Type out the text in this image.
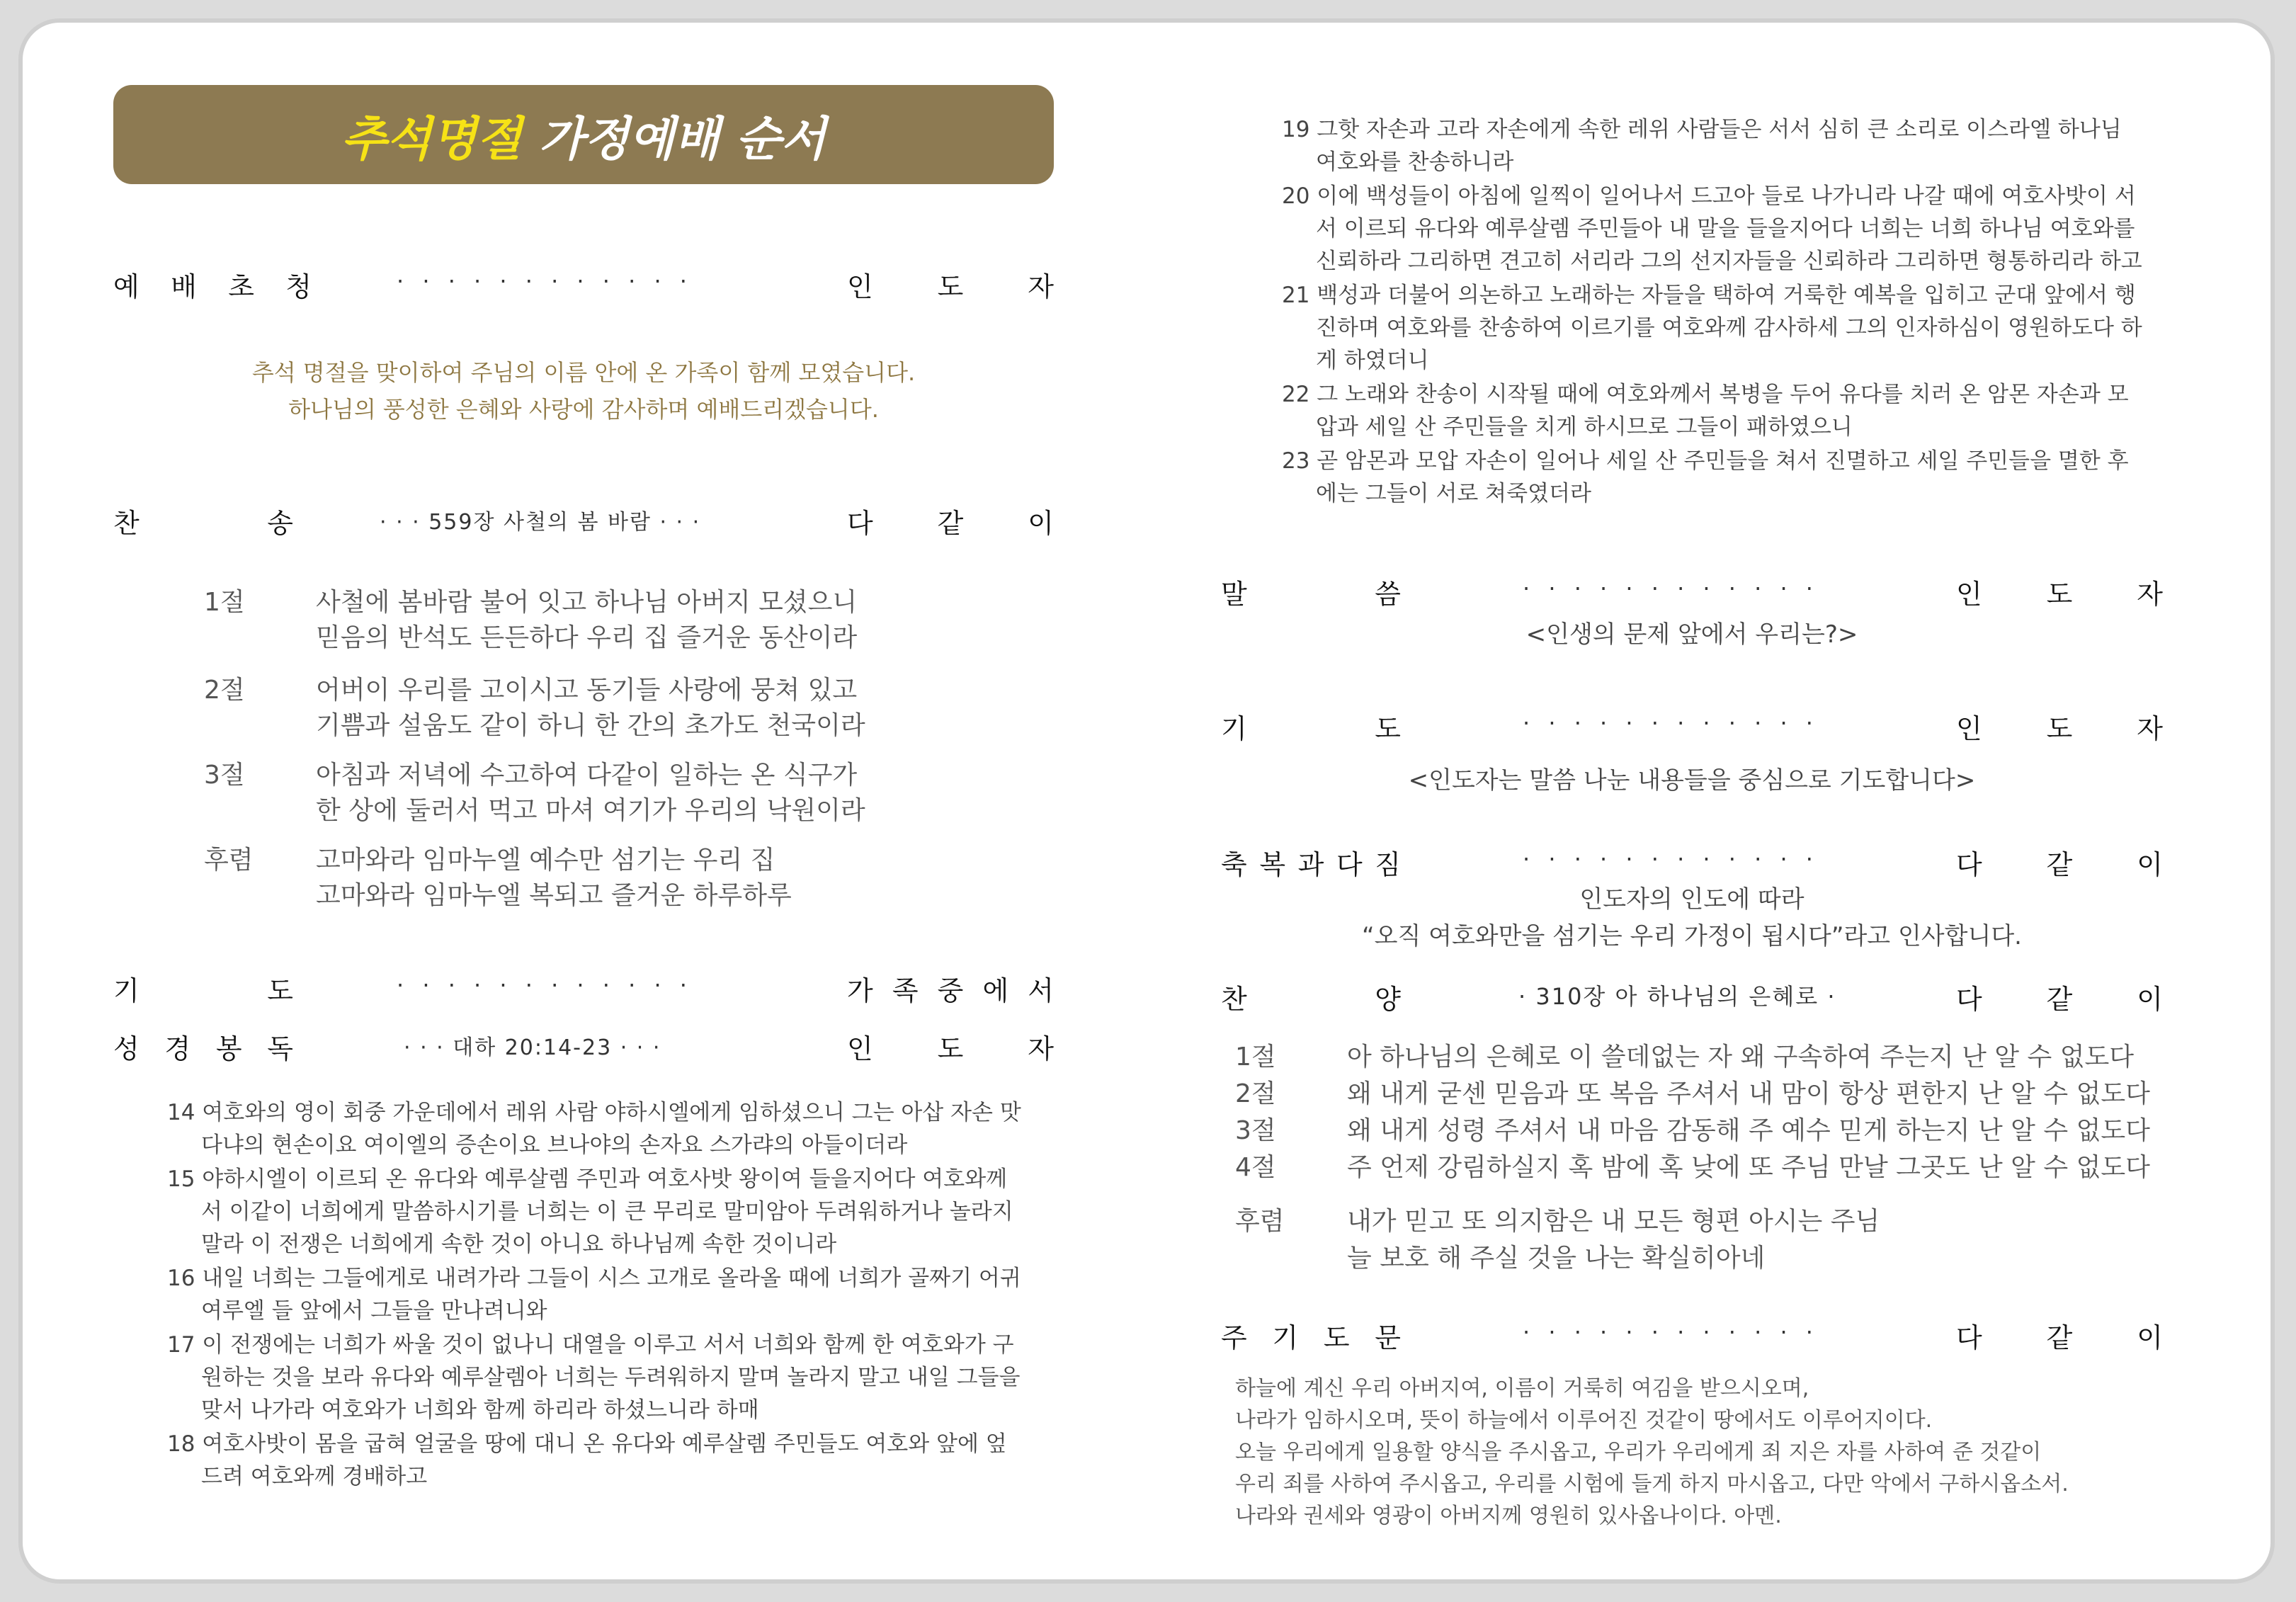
추석명절 가정예배 순서
예 배 초 청	· · · · · · · · · · · ·	인 도 자
추석 명절을 맞이하여 주님의 이름 안에 온 가족이 함께 모였습니다.
하나님의 풍성한 은혜와 사랑에 감사하며 예배드리겠습니다.
찬	송	· · · 559장 사철의 봄 바람 · · ·	다 같 이
1절	사철에 봄바람 불어 잇고 하나님 아버지 모셨으니
믿음의 반석도 든든하다 우리 집 즐거운 동산이라
2절	어버이 우리를 고이시고 동기들 사랑에 뭉쳐 있고
기쁨과 설움도 같이 하니 한 간의 초가도 천국이라
3절	아침과 저녁에 수고하여 다같이 일하는 온 식구가
한 상에 둘러서 먹고 마셔 여기가 우리의 낙원이라
후렴	고마와라 임마누엘 예수만 섬기는 우리 집
고마와라 임마누엘 복되고 즐거운 하루하루
기	도	· · · · · · · · · · · ·	가 족 중 에 서
성 경 봉 독	· · · 대하 20:14-23 · · ·	인 도 자
14 여호와의 영이 회중 가운데에서 레위 사람 야하시엘에게 임하셨으니 그는 아삽 자손 맛다냐의 현손이요 여이엘의 증손이요 브나야의 손자요 스가랴의 아들이더라
15 야하시엘이 이르되 온 유다와 예루살렘 주민과 여호사밧 왕이여 들을지어다 여호와께서 이같이 너희에게 말씀하시기를 너희는 이 큰 무리로 말미암아 두려워하거나 놀라지 말라 이 전쟁은 너희에게 속한 것이 아니요 하나님께 속한 것이니라
16 내일 너희는 그들에게로 내려가라 그들이 시스 고개로 올라올 때에 너희가 골짜기 어귀 여루엘 들 앞에서 그들을 만나려니와
17 이 전쟁에는 너희가 싸울 것이 없나니 대열을 이루고 서서 너희와 함께 한 여호와가 구원하는 것을 보라 유다와 예루살렘아 너희는 두려워하지 말며 놀라지 말고 내일 그들을 맞서 나가라 여호와가 너희와 함께 하리라 하셨느니라 하매
18 여호사밧이 몸을 굽혀 얼굴을 땅에 대니 온 유다와 예루살렘 주민들도 여호와 앞에 엎드려 여호와께 경배하고
19 그핫 자손과 고라 자손에게 속한 레위 사람들은 서서 심히 큰 소리로 이스라엘 하나님 여호와를 찬송하니라
20 이에 백성들이 아침에 일찍이 일어나서 드고아 들로 나가니라 나갈 때에 여호사밧이 서서 이르되 유다와 예루살렘 주민들아 내 말을 들을지어다 너희는 너희 하나님 여호와를 신뢰하라 그리하면 견고히 서리라 그의 선지자들을 신뢰하라 그리하면 형통하리라 하고
21 백성과 더불어 의논하고 노래하는 자들을 택하여 거룩한 예복을 입히고 군대 앞에서 행진하며 여호와를 찬송하여 이르기를 여호와께 감사하세 그의 인자하심이 영원하도다 하게 하였더니
22 그 노래와 찬송이 시작될 때에 여호와께서 복병을 두어 유다를 치러 온 암몬 자손과 모압과 세일 산 주민들을 치게 하시므로 그들이 패하였으니
23 곧 암몬과 모압 자손이 일어나 세일 산 주민들을 쳐서 진멸하고 세일 주민들을 멸한 후에는 그들이 서로 쳐죽였더라
말	씀	· · · · · · · · · · · ·	인 도 자
<인생의 문제 앞에서 우리는?>
기	도	· · · · · · · · · · · ·	인 도 자
<인도자는 말씀 나눈 내용들을 중심으로 기도합니다>
축 복 과 다 짐	· · · · · · · · · · · ·	다 같 이
인도자의 인도에 따라
“오직 여호와만을 섬기는 우리 가정이 됩시다”라고 인사합니다.
찬	양	· 310장 아 하나님의 은혜로 ·	다 같 이
1절	아 하나님의 은혜로 이 쓸데없는 자 왜 구속하여 주는지 난 알 수 없도다
2절	왜 내게 굳센 믿음과 또 복음 주셔서 내 맘이 항상 편한지 난 알 수 없도다
3절	왜 내게 성령 주셔서 내 마음 감동해 주 예수 믿게 하는지 난 알 수 없도다
4절	주 언제 강림하실지 혹 밤에 혹 낮에 또 주님 만날 그곳도 난 알 수 없도다
후렴	내가 믿고 또 의지함은 내 모든 형편 아시는 주님
늘 보호 해 주실 것을 나는 확실히아네
주 기 도 문	· · · · · · · · · · · ·	다 같 이
하늘에 계신 우리 아버지여, 이름이 거룩히 여김을 받으시오며,
나라가 임하시오며, 뜻이 하늘에서 이루어진 것같이 땅에서도 이루어지이다.
오늘 우리에게 일용할 양식을 주시옵고, 우리가 우리에게 죄 지은 자를 사하여 준 것같이
우리 죄를 사하여 주시옵고, 우리를 시험에 들게 하지 마시옵고, 다만 악에서 구하시옵소서.
나라와 권세와 영광이 아버지께 영원히 있사옵나이다. 아멘.
